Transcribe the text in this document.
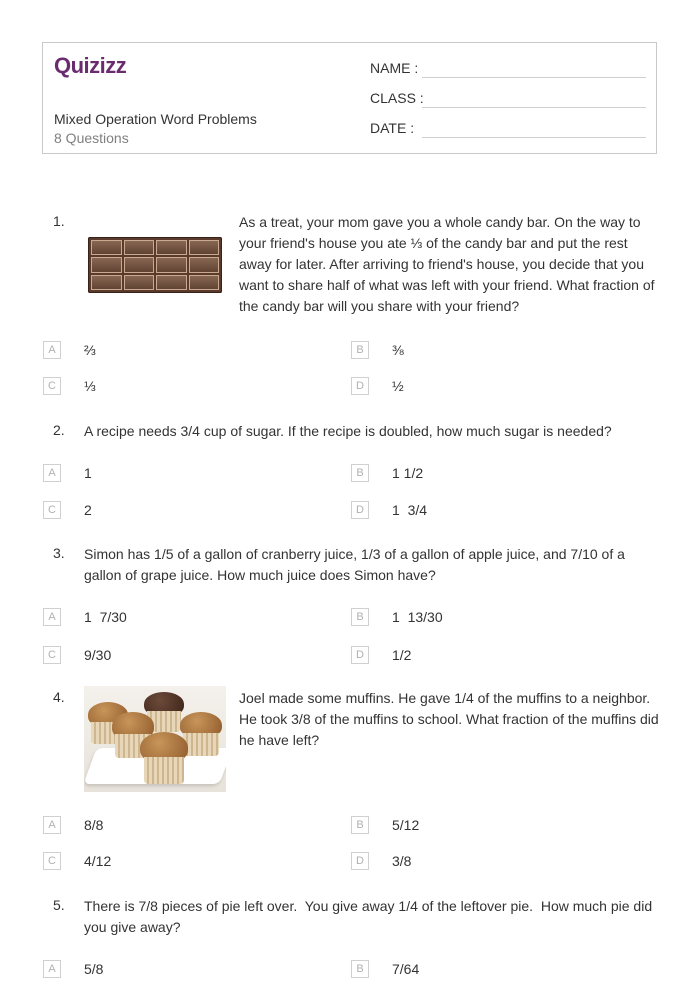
Quizizz
Mixed Operation Word Problems
8 Questions
NAME :
CLASS :
DATE :
1.	As a treat, your mom gave you a whole candy bar. On the way to your friend's house you ate ⅓ of the candy bar and put the rest away for later. After arriving to friend's house, you decide that you want to share half of what was left with your friend. What fraction of the candy bar will you share with your friend?
A	⅔	B	⅜
C	⅓	D	½
2. A recipe needs 3/4 cup of sugar. If the recipe is doubled, how much sugar is needed?
A	1	B	1 1/2
C	2	D	1  3/4
3. Simon has 1/5 of a gallon of cranberry juice, 1/3 of a gallon of apple juice, and 7/10 of a gallon of grape juice. How much juice does Simon have?
A	1  7/30	B	1  13/30
C	9/30	D	1/2
4.	Joel made some muffins. He gave 1/4 of the muffins to a neighbor. He took 3/8 of the muffins to school. What fraction of the muffins did he have left?
A	8/8	B	5/12
C	4/12	D	3/8
5. There is 7/8 pieces of pie left over.  You give away 1/4 of the leftover pie.  How much pie did you give away?
A	5/8	B	7/64
